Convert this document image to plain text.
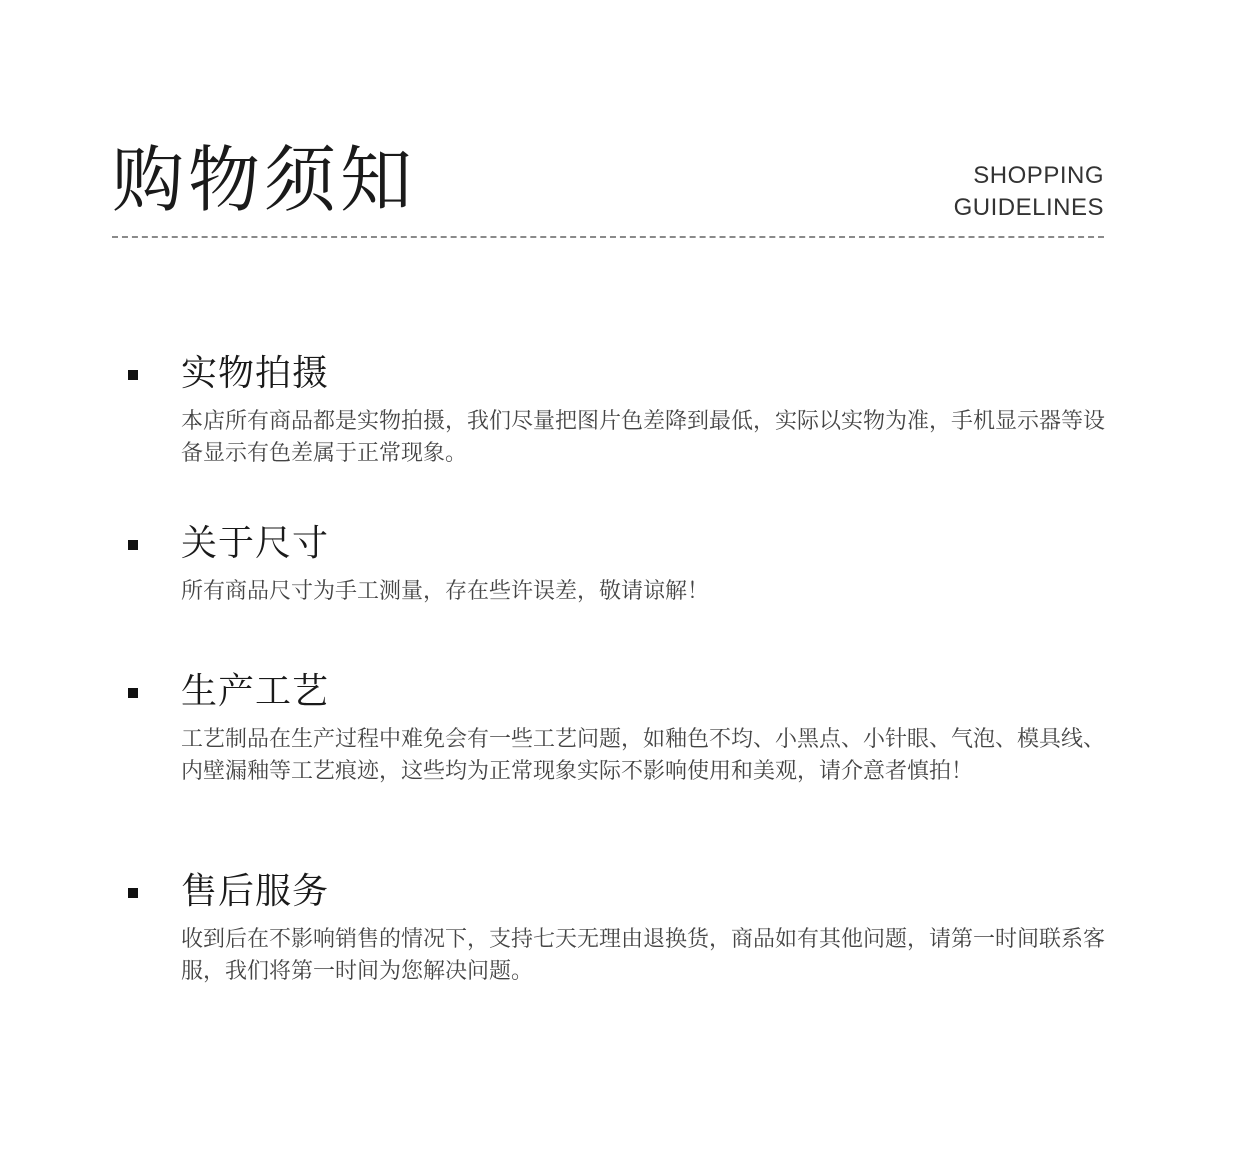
购物须知	SHOPPING
GUIDELINES
实物拍摄

本店所有商品都是实物拍摄，我们尽量把图片色差降到最低，实际以实物为准，手机显示器等设备显示有色差属于正常现象。

关于尺寸

所有商品尺寸为手工测量，存在些许误差，敬请谅解！

生产工艺

工艺制品在生产过程中难免会有一些工艺问题，如釉色不均、小黑点、小针眼、气泡、模具线、内壁漏釉等工艺痕迹，这些均为正常现象实际不影响使用和美观，请介意者慎拍！

售后服务

收到后在不影响销售的情况下，支持七天无理由退换货，商品如有其他问题，请第一时间联系客服，我们将第一时间为您解决问题。
